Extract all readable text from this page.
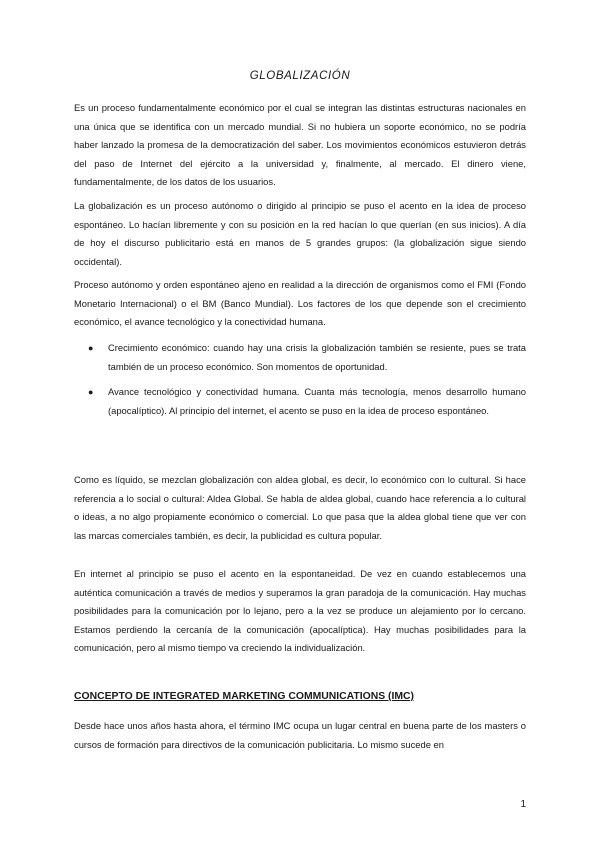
GLOBALIZACIÓN

Es un proceso fundamentalmente económico por el cual se integran las distintas estructuras nacionales en una única que se identifica con un mercado mundial. Si no hubiera un soporte económico, no se podría haber lanzado la promesa de la democratización del saber. Los movimientos económicos estuvieron detrás del paso de Internet del ejército a la universidad y, finalmente, al mercado. El dinero viene, fundamentalmente, de los datos de los usuarios.

La globalización es un proceso autónomo o dirigido al principio se puso el acento en la idea de proceso espontáneo. Lo hacían libremente y con su posición en la red hacían lo que querían (en sus inicios). A día de hoy el discurso publicitario está en manos de 5 grandes grupos: (la globalización sigue siendo occidental).

Proceso autónomo y orden espontáneo ajeno en realidad a la dirección de organismos como el FMI (Fondo Monetario Internacional) o el BM (Banco Mundial). Los factores de los que depende son el crecimiento económico, el avance tecnológico y la conectividad humana.

●	Crecimiento económico: cuando hay una crisis la globalización también se resiente, pues se trata también de un proceso económico. Son momentos de oportunidad.

●	Avance tecnológico y conectividad humana. Cuanta más tecnología, menos desarrollo humano (apocalíptico). Al principio del internet, el acento se puso en la idea de proceso espontáneo.

Como es líquido, se mezclan globalización con aldea global, es decir, lo económico con lo cultural. Si hace referencia a lo social o cultural: Aldea Global. Se habla de aldea global, cuando hace referencia a lo cultural o ideas, a no algo propiamente económico o comercial. Lo que pasa que la aldea global tiene que ver con las marcas comerciales también, es decir, la publicidad es cultura popular.

En internet al principio se puso el acento en la espontaneidad. De vez en cuando establecemos una auténtica comunicación a través de medios y superamos la gran paradoja de la comunicación. Hay muchas posibilidades para la comunicación por lo lejano, pero a la vez se produce un alejamiento por lo cercano. Estamos perdiendo la cercanía de la comunicación (apocalíptica). Hay muchas posibilidades para la comunicación, pero al mismo tiempo va creciendo la individualización.

CONCEPTO DE INTEGRATED MARKETING COMMUNICATIONS (IMC)

Desde hace unos años hasta ahora, el término IMC ocupa un lugar central en buena parte de los masters o cursos de formación para directivos de la comunicación publicitaria. Lo mismo sucede en

1
